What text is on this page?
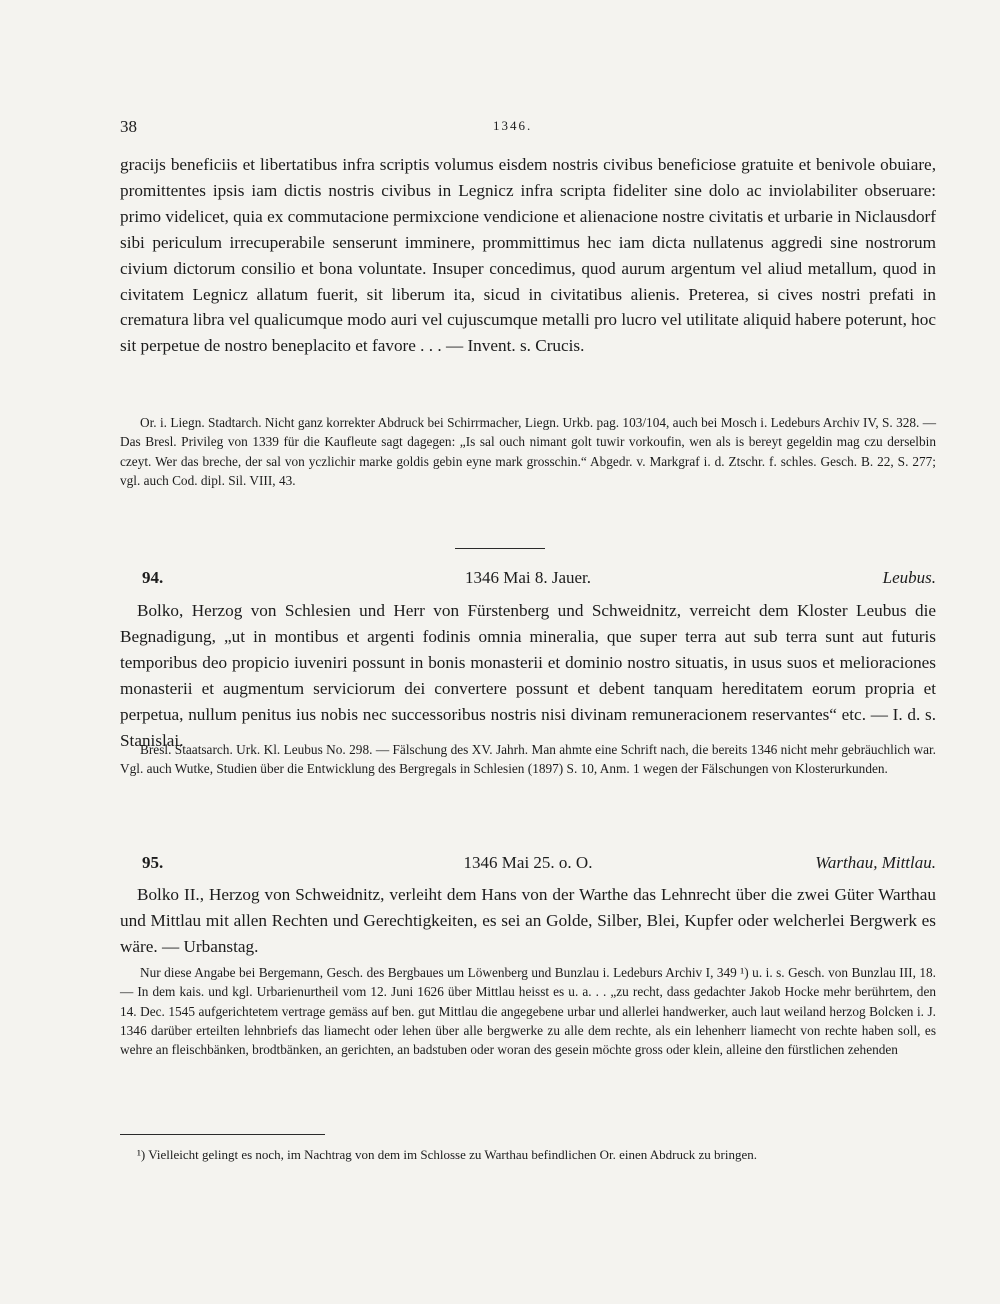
38	1346.
gracijs beneficiis et libertatibus infra scriptis volumus eisdem nostris civibus beneficiose gratuite et benivole obuiare, promittentes ipsis iam dictis nostris civibus in Legnicz infra scripta fideliter sine dolo ac inviolabiliter obseruare: primo videlicet, quia ex commutacione permixcione vendicione et alienacione nostre civitatis et urbarie in Niclausdorf sibi periculum irrecuperabile senserunt imminere, prommittimus hec iam dicta nullatenus aggredi sine nostrorum civium dictorum consilio et bona voluntate. Insuper concedimus, quod aurum argentum vel aliud metallum, quod in civitatem Legnicz allatum fuerit, sit liberum ita, sicud in civitatibus alienis. Preterea, si cives nostri prefati in crematura libra vel qualicumque modo auri vel cujuscumque metalli pro lucro vel utilitate aliquid habere poterunt, hoc sit perpetue de nostro beneplacito et favore . . . — Invent. s. Crucis.
Or. i. Liegn. Stadtarch. Nicht ganz korrekter Abdruck bei Schirrmacher, Liegn. Urkb. pag. 103/104, auch bei Mosch i. Ledeburs Archiv IV, S. 328. — Das Bresl. Privileg von 1339 für die Kaufleute sagt dagegen: „Is sal ouch nimant golt tuwir vorkoufin, wen als is bereyt gegeldin mag czu derselbin czeyt. Wer das breche, der sal von yczlichir marke goldis gebin eyne mark grosschin.“ Abgedr. v. Markgraf i. d. Ztschr. f. schles. Gesch. B. 22, S. 277; vgl. auch Cod. dipl. Sil. VIII, 43.
94.	1346 Mai 8. Jauer.	Leubus.
Bolko, Herzog von Schlesien und Herr von Fürstenberg und Schweidnitz, verreicht dem Kloster Leubus die Begnadigung, „ut in montibus et argenti fodinis omnia mineralia, que super terra aut sub terra sunt aut futuris temporibus deo propicio iuveniri possunt in bonis monasterii et dominio nostro situatis, in usus suos et melioraciones monasterii et augmentum serviciorum dei convertere possunt et debent tanquam hereditatem eorum propria et perpetua, nullum penitus ius nobis nec successoribus nostris nisi divinam remuneracionem reservantes“ etc. — I. d. s. Stanislai.
Bresl. Staatsarch. Urk. Kl. Leubus No. 298. — Fälschung des XV. Jahrh. Man ahmte eine Schrift nach, die bereits 1346 nicht mehr gebräuchlich war. Vgl. auch Wutke, Studien über die Entwicklung des Bergregals in Schlesien (1897) S. 10, Anm. 1 wegen der Fälschungen von Klosterurkunden.
95.	1346 Mai 25. o. O.	Warthau, Mittlau.
Bolko II., Herzog von Schweidnitz, verleiht dem Hans von der Warthe das Lehnrecht über die zwei Güter Warthau und Mittlau mit allen Rechten und Gerechtigkeiten, es sei an Golde, Silber, Blei, Kupfer oder welcherlei Bergwerk es wäre. — Urbanstag.
Nur diese Angabe bei Bergemann, Gesch. des Bergbaues um Löwenberg und Bunzlau i. Ledeburs Archiv I, 349 ¹) u. i. s. Gesch. von Bunzlau III, 18. — In dem kais. und kgl. Urbarienurtheil vom 12. Juni 1626 über Mittlau heisst es u. a. . . „zu recht, dass gedachter Jakob Hocke mehr berührtem, den 14. Dec. 1545 aufgerichtetem vertrage gemäss auf ben. gut Mittlau die angegebene urbar und allerlei handwerker, auch laut weiland herzog Bolcken i. J. 1346 darüber erteilten lehnbriefs das liamecht oder lehen über alle bergwerke zu alle dem rechte, als ein lehenherr liamecht von rechte haben soll, es wehre an fleischbänken, brodtbänken, an gerichten, an badstuben oder woran des gesein möchte gross oder klein, alleine den fürstlichen zehenden
¹) Vielleicht gelingt es noch, im Nachtrag von dem im Schlosse zu Warthau befindlichen Or. einen Abdruck zu bringen.
